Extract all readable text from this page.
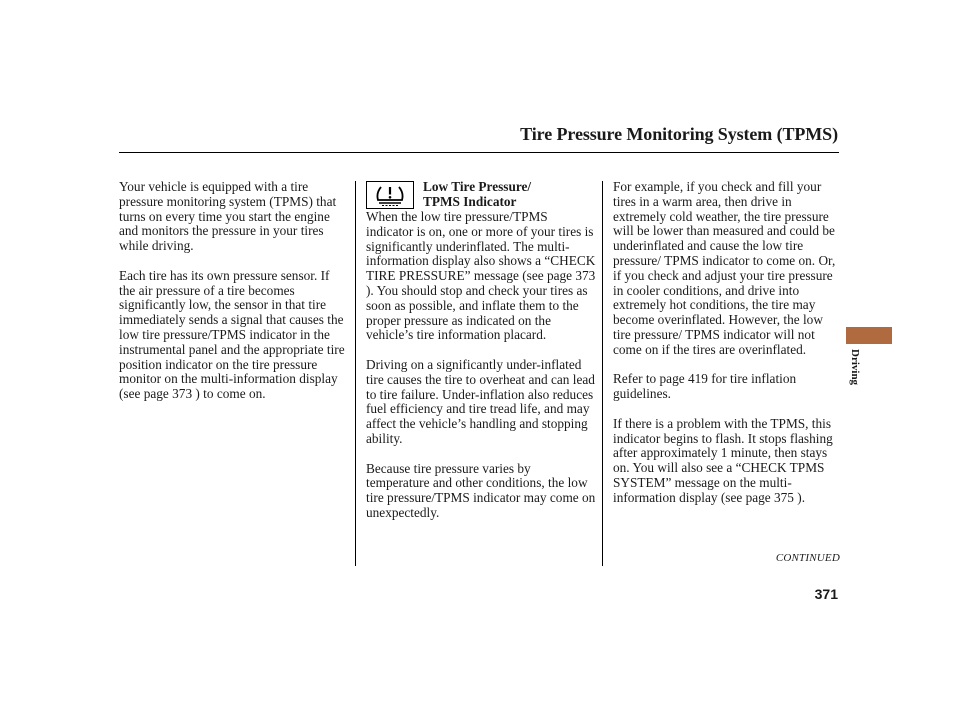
Tire Pressure Monitoring System (TPMS)

Your vehicle is equipped with a tire pressure monitoring system (TPMS) that turns on every time you start the engine and monitors the pressure in your tires while driving.

Each tire has its own pressure sensor. If the air pressure of a tire becomes significantly low, the sensor in that tire immediately sends a signal that causes the low tire pressure/TPMS indicator in the instrumental panel and the appropriate tire position indicator on the tire pressure monitor on the multi-information display (see page 373 ) to come on.

Low Tire Pressure/
TPMS Indicator

When the low tire pressure/TPMS indicator is on, one or more of your tires is significantly underinflated. The multi-information display also shows a “CHECK TIRE PRESSURE” message (see page 373 ). You should stop and check your tires as soon as possible, and inflate them to the proper pressure as indicated on the vehicle’s tire information placard.

Driving on a significantly under-inflated tire causes the tire to overheat and can lead to tire failure. Under-inflation also reduces fuel efficiency and tire tread life, and may affect the vehicle’s handling and stopping ability.

Because tire pressure varies by temperature and other conditions, the low tire pressure/TPMS indicator may come on unexpectedly.

For example, if you check and fill your tires in a warm area, then drive in extremely cold weather, the tire pressure will be lower than measured and could be underinflated and cause the low tire pressure/ TPMS indicator to come on. Or, if you check and adjust your tire pressure in cooler conditions, and drive into extremely hot conditions, the tire may become overinflated. However, the low tire pressure/ TPMS indicator will not come on if the tires are overinflated.

Refer to page 419 for tire inflation guidelines.

If there is a problem with the TPMS, this indicator begins to flash. It stops flashing after approximately 1 minute, then stays on. You will also see a “CHECK TPMS SYSTEM” message on the multi-information display (see page 375 ).

CONTINUED
371
Driving
